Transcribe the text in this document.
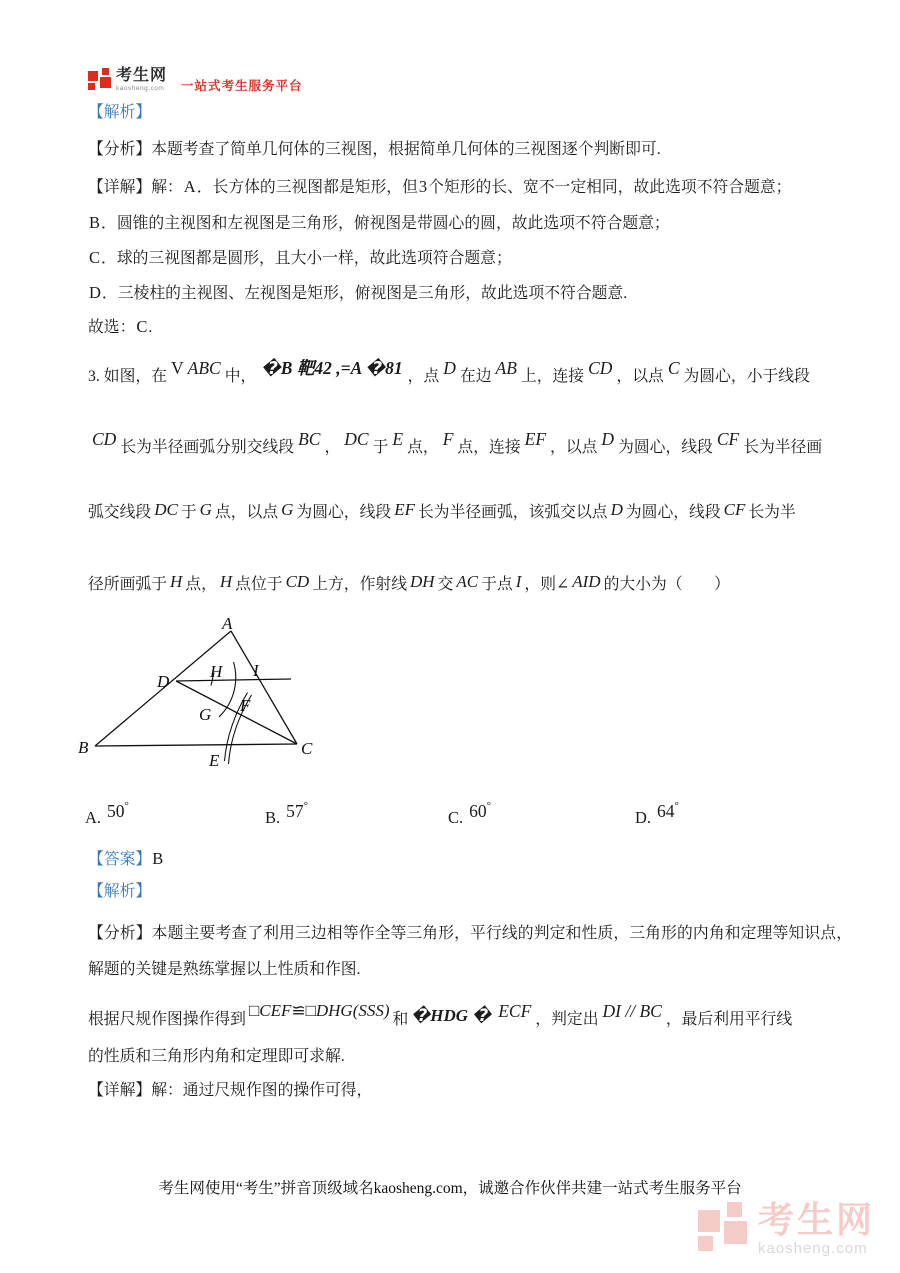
考生网
kaosheng.com 一站式考生服务平台
【解析】
【分析】本题考查了简单几何体的三视图，根据简单几何体的三视图逐个判断即可.
【详解】解：A．长方体的三视图都是矩形，但3个矩形的长、宽不一定相同，故此选项不符合题意；
B．圆锥的主视图和左视图是三角形，俯视图是带圆心的圆，故此选项不符合题意；
C．球的三视图都是圆形，且大小一样，故此选项符合题意；
D．三棱柱的主视图、左视图是矩形，俯视图是三角形，故此选项不符合题意.
故选：C.
3. 如图，在 V ABC 中， �B 靶42 ,=A �81 ，点 D 在边 AB 上，连接 CD ，以点 C 为圆心，小于线段
CD 长为半径画弧分别交线段 BC ， DC 于 E 点， F 点，连接 EF ，以点 D 为圆心，线段 CF 长为半径画
弧交线段 DC 于 G 点，以点 G 为圆心，线段 EF 长为半径画弧，该弧交以点 D 为圆心，线段 CF 长为半
径所画弧于 H 点， H 点位于 CD 上方，作射线 DH 交 AC 于点 I ，则∠ AID 的大小为（　　）
A
B	C
D
E
F
G
H I
A. 50°
B. 57°
C. 60°
D. 64°
【答案】B
【解析】
【分析】本题主要考查了利用三边相等作全等三角形，平行线的判定和性质，三角形的内角和定理等知识点，解题的关键是熟练掌握以上性质和作图.
根据尺规作图操作得到 □CEF≌□DHG(SSS) 和 �HDG � ECF ，判定出 DI // BC ，最后利用平行线
的性质和三角形内角和定理即可求解.
【详解】解：通过尺规作图的操作可得，
考生网使用“考生”拼音顶级域名kaosheng.com，诚邀合作伙伴共建一站式考生服务平台
考生网
kaosheng.com
